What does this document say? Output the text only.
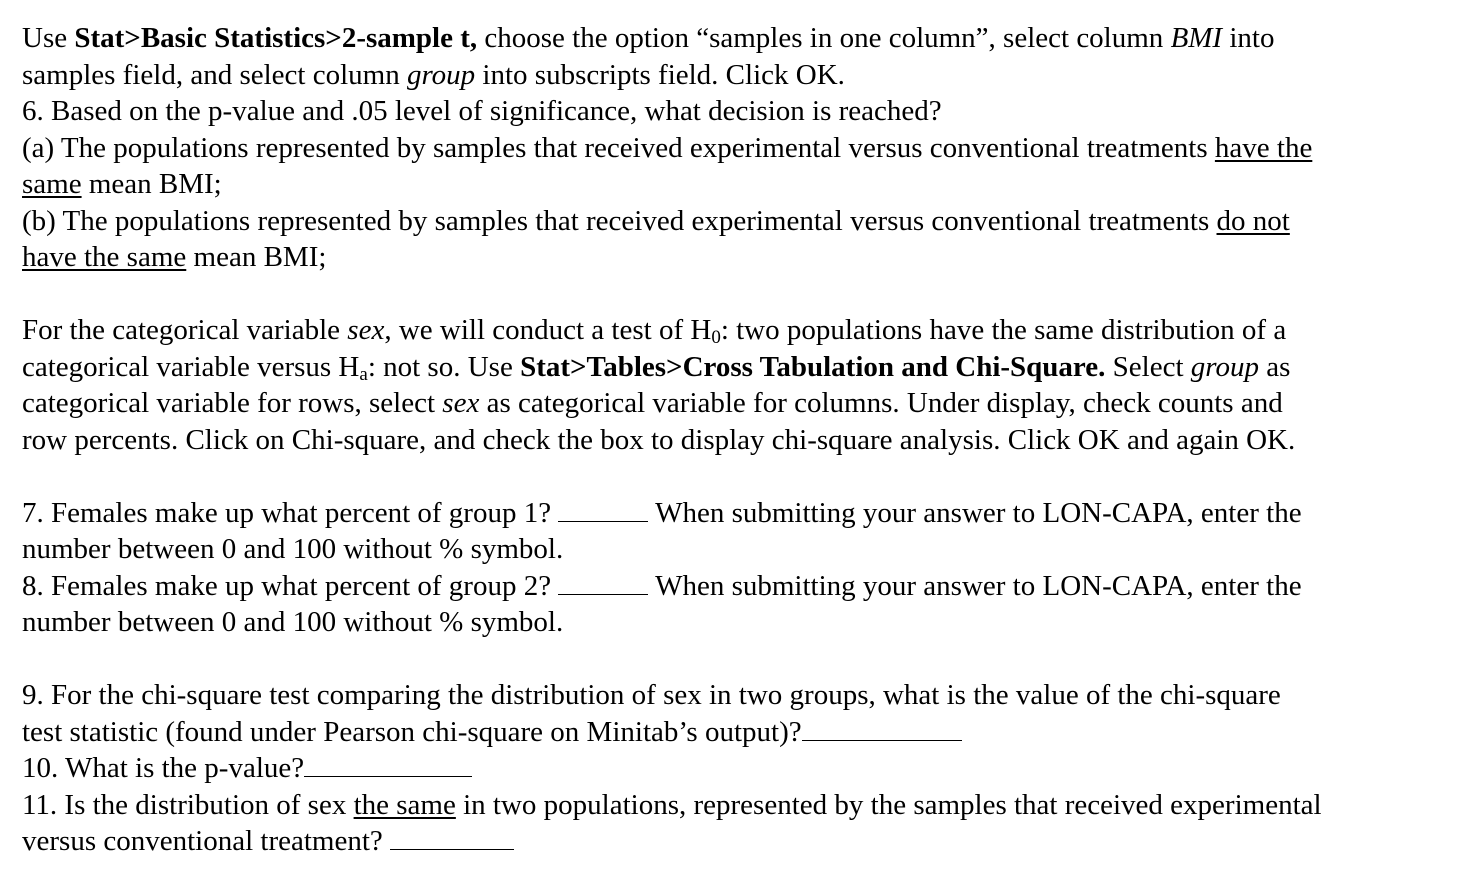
Use Stat>Basic Statistics>2-sample t, choose the option “samples in one column”, select column BMI into
samples field, and select column group into subscripts field. Click OK.
6. Based on the p-value and .05 level of significance, what decision is reached?
(a) The populations represented by samples that received experimental versus conventional treatments have the
same mean BMI;
(b) The populations represented by samples that received experimental versus conventional treatments do not
have the same mean BMI;
For the categorical variable sex, we will conduct a test of $H_0$: two populations have the same distribution of a
categorical variable versus $H_a$: not so. Use Stat>Tables>Cross Tabulation and Chi-Square. Select group as
categorical variable for rows, select sex as categorical variable for columns. Under display, check counts and
row percents. Click on Chi-square, and check the box to display chi-square analysis. Click OK and again OK.
7. Females make up what percent of group 1?	When submitting your answer to LON-CAPA, enter the
number between 0 and 100 without % symbol.
8. Females make up what percent of group 2?	When submitting your answer to LON-CAPA, enter the
number between 0 and 100 without % symbol.
9. For the chi-square test comparing the distribution of sex in two groups, what is the value of the chi-square
test statistic (found under Pearson chi-square on Minitab’s output)?
10. What is the p-value?
11. Is the distribution of sex the same in two populations, represented by the samples that received experimental
versus conventional treatment?
